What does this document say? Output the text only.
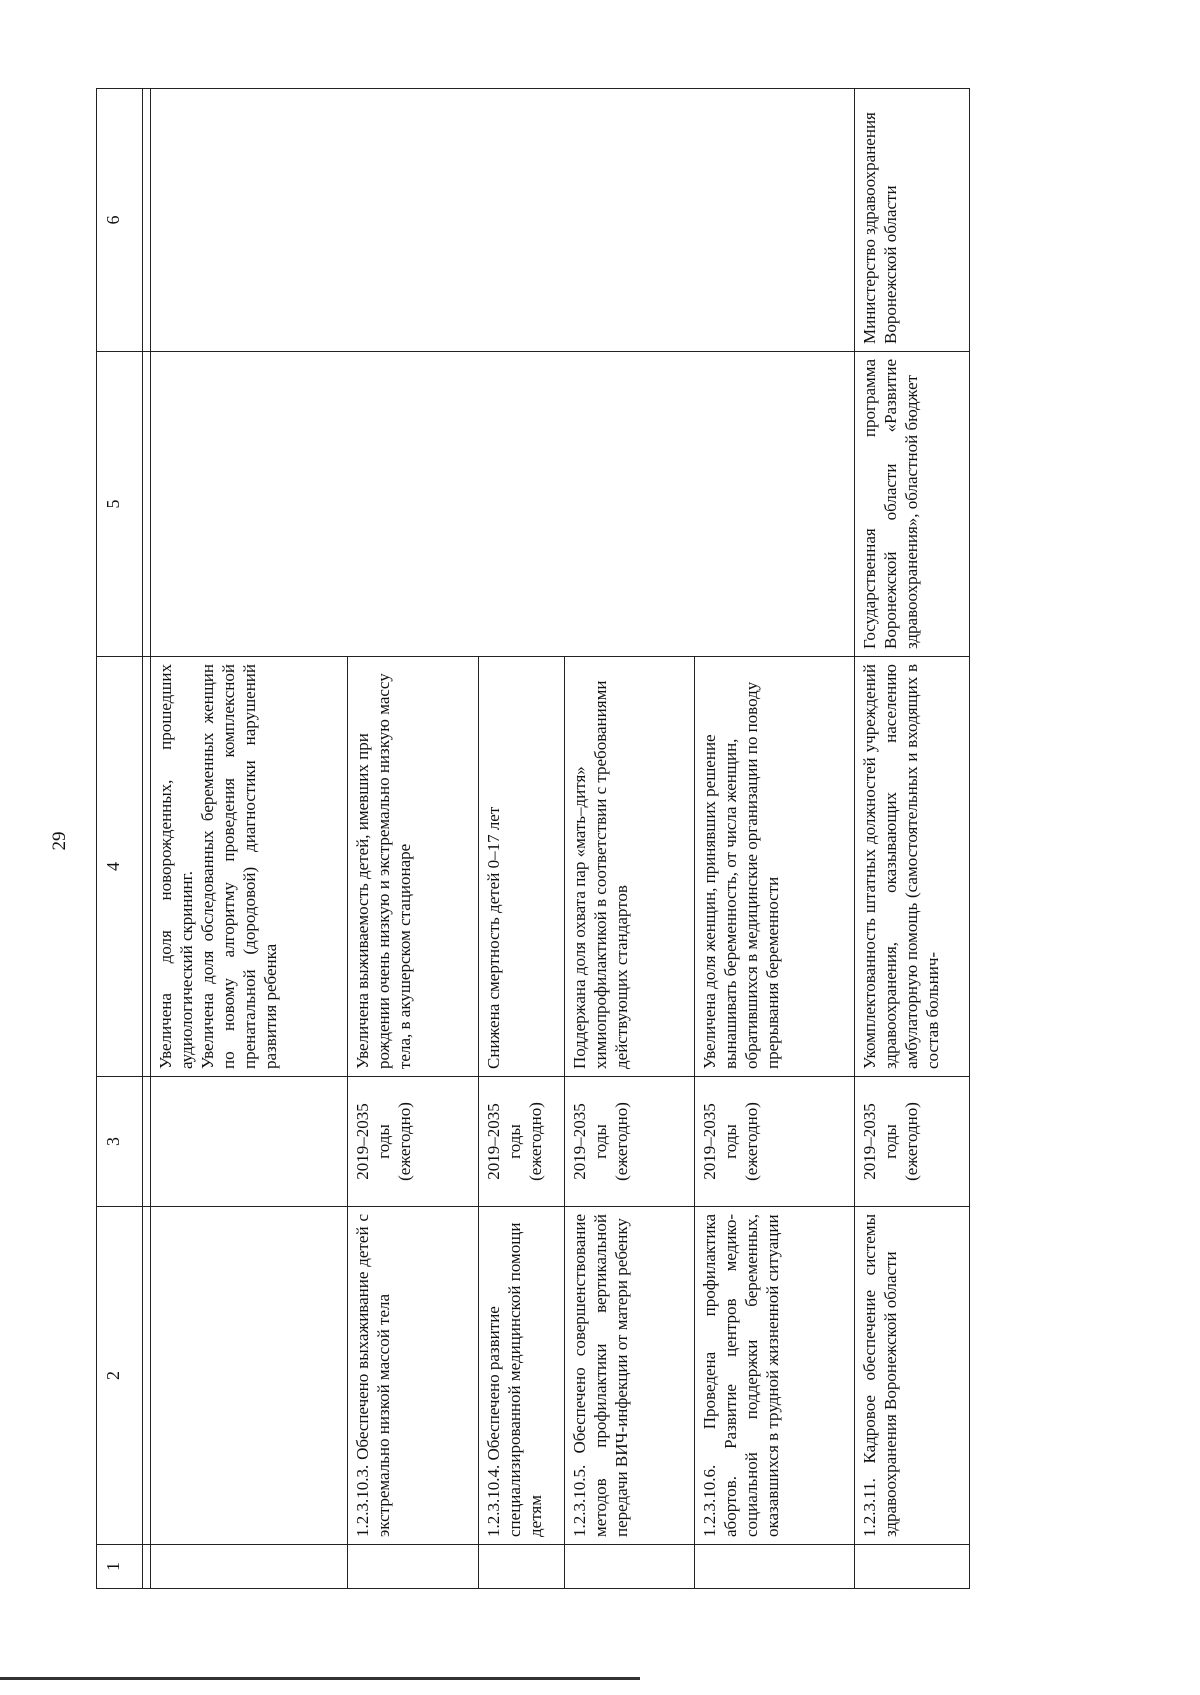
29
1	2	3	4	5	6

			Увеличена доля новорожденных, прошедших аудиологический скрининг. Увеличена доля обследованных беременных женщин по новому алгоритму проведения комплексной пренатальной (дородовой) диагностики нарушений развития ребенка		

	1.2.3.10.3. Обеспечено выхаживание детей с экстремально низкой массой тела	2019–2035 годы (ежегодно)	Увеличена выживаемость детей, имевших при рождении очень низкую и экстремально низкую массу тела, в акушерском стационаре		
	1.2.3.10.4. Обеспечено развитие специализированной медицинской помощи детям	2019–2035 годы (ежегодно)	Снижена смертность детей 0–17 лет		
	1.2.3.10.5. Обеспечено совершенствование методов профилактики вертикальной передачи ВИЧ-инфекции от матери ребенку	2019–2035 годы (ежегодно)	Поддержана доля охвата пар «мать–дитя» химиопрофилактикой в соответствии с требованиями действующих стандартов		
	1.2.3.10.6. Проведена профилактика абортов. Развитие центров медико-социальной поддержки беременных, оказавшихся в трудной жизненной ситуации	2019–2035 годы (ежегодно)	Увеличена доля женщин, принявших решение вынашивать беременность, от числа женщин, обратившихся в медицинские организации по поводу прерывания беременности		
	1.2.3.11. Кадровое обеспечение системы здравоохранения Воронежской области	2019–2035 годы (ежегодно)	Укомплектованность штатных должностей учреждений здравоохранения, оказывающих населению амбулаторную помощь (самостоятельных и входящих в состав больнич-	Государственная программа Воронежской области «Развитие здравоохранения», областной бюджет	Министерство здравоохранения Воронежской области
